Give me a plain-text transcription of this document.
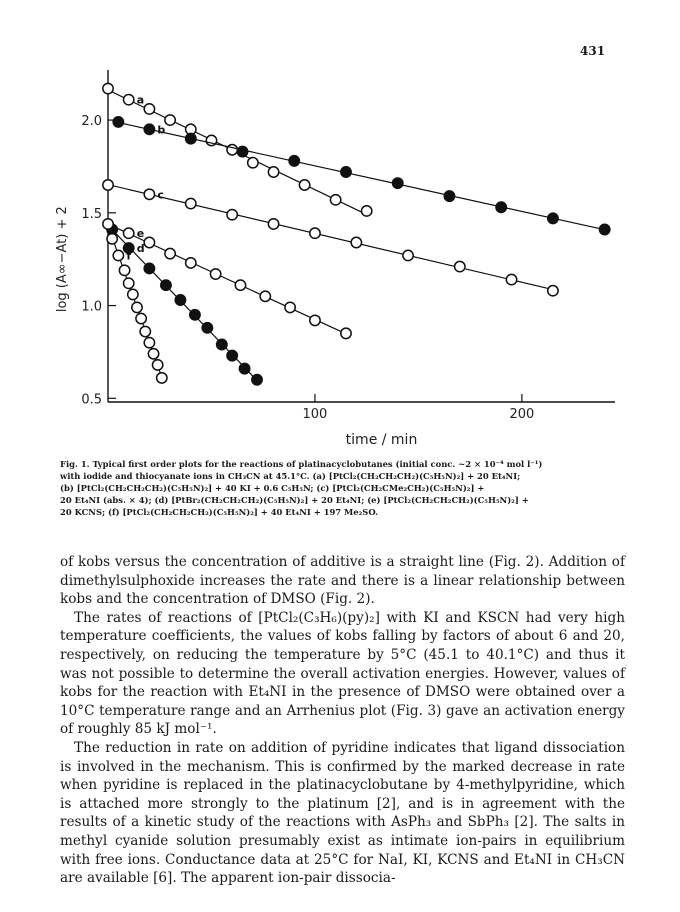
431
0.5
1.0
1.5
2.0
100	200
time / min
log (A∞−At) + 2
a
b
c
d
e
f

Fig. 1. Typical first order plots for the reactions of platinacyclobutanes (initial conc. ~2 × 10⁻⁴ mol l⁻¹)

with iodide and thiocyanate ions in CH₃CN at 45.1°C. (a) [PtCl₂(CH₂CH₂CH₂)(C₅H₅N)₂] + 20 Et₄NI;

(b) [PtCl₂(CH₂CH₂CH₂)(C₅H₅N)₂] + 40 KI + 0.6 C₅H₅N; (c) [PtCl₂(CH₂CMe₂CH₂)(C₅H₅N)₂] +

20 Et₄NI (abs. × 4); (d) [PtBr₂(CH₂CH₂CH₂)(C₅H₅N)₂] + 20 Et₄NI; (e) [PtCl₂(CH₂CH₂CH₂)(C₅H₅N)₂] +

20 KCNS; (f) [PtCl₂(CH₂CH₂CH₂)(C₅H₅N)₂] + 40 Et₄NI + 197 Me₂SO.

of kobs versus the concentration of additive is a straight line (Fig. 2). Addition of dimethylsulphoxide increases the rate and there is a linear relationship between kobs and the concentration of DMSO (Fig. 2).

The rates of reactions of [PtCl₂(C₃H₆)(py)₂] with KI and KSCN had very high temperature coefficients, the values of kobs falling by factors of about 6 and 20, respectively, on reducing the temperature by 5°C (45.1 to 40.1°C) and thus it was not possible to determine the overall activation energies. However, values of kobs for the reaction with Et₄NI in the presence of DMSO were obtained over a 10°C temperature range and an Arrhenius plot (Fig. 3) gave an activation energy of roughly 85 kJ mol⁻¹.

The reduction in rate on addition of pyridine indicates that ligand dissociation is involved in the mechanism. This is confirmed by the marked decrease in rate when pyridine is replaced in the platinacyclobutane by 4-methylpyridine, which is attached more strongly to the platinum [2], and is in agreement with the results of a kinetic study of the reactions with AsPh₃ and SbPh₃ [2]. The salts in methyl cyanide solution presumably exist as intimate ion-pairs in equilibrium with free ions. Conductance data at 25°C for NaI, KI, KCNS and Et₄NI in CH₃CN are available [6]. The apparent ion-pair dissocia-
